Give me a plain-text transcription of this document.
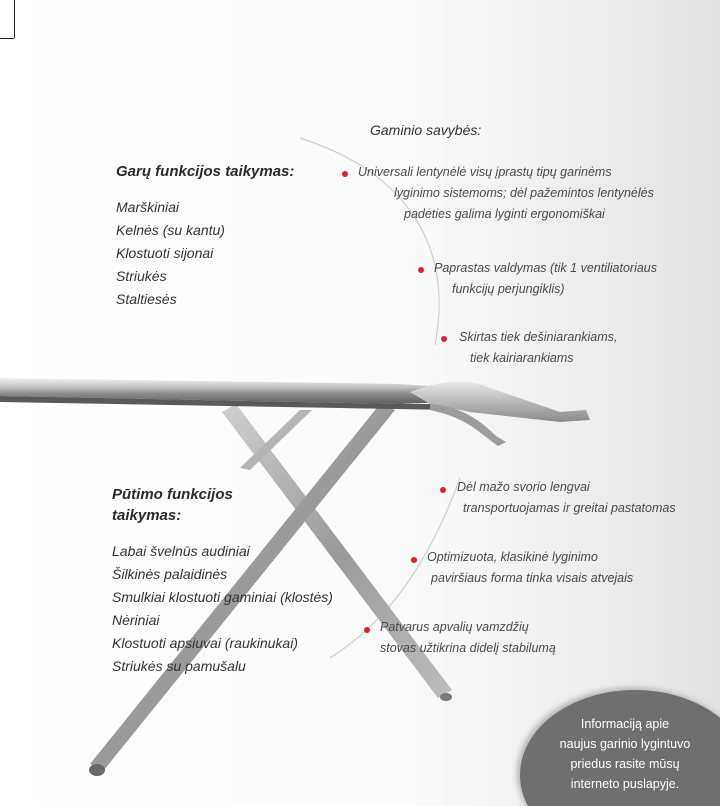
Gaminio savybės:
Universali lentynėlė visų įprastų tipų garinėms
lyginimo sistemoms; dėl pažemintos lentynėlės
padėties galima lyginti ergonomiškai
Paprastas valdymas (tik 1 ventiliatoriaus
funkcijų perjungiklis)
Skirtas tiek dešiniarankiams,
tiek kairiarankiams
Dėl mažo svorio lengvai
transportuojamas ir greitai pastatomas
Optimizuota, klasikinė lyginimo
paviršiaus forma tinka visais atvejais
Patvarus apvalių vamzdžių
stovas užtikrina didelį stabilumą
Garų funkcijos taikymas:
Marškiniai
Kelnės (su kantu)
Klostuoti sijonai
Striukės
Staltiesės
Pūtimo funkcijos
taikymas:
Labai švelnūs audiniai
Šilkinės palaidinės
Smulkiai klostuoti gaminiai (klostės)
Nėriniai
Klostuoti apsiuvai (raukinukai)
Striukės su pamušalu
Informaciją apie
naujus garinio lygintuvo
priedus rasite mūsų
interneto puslapyje.
